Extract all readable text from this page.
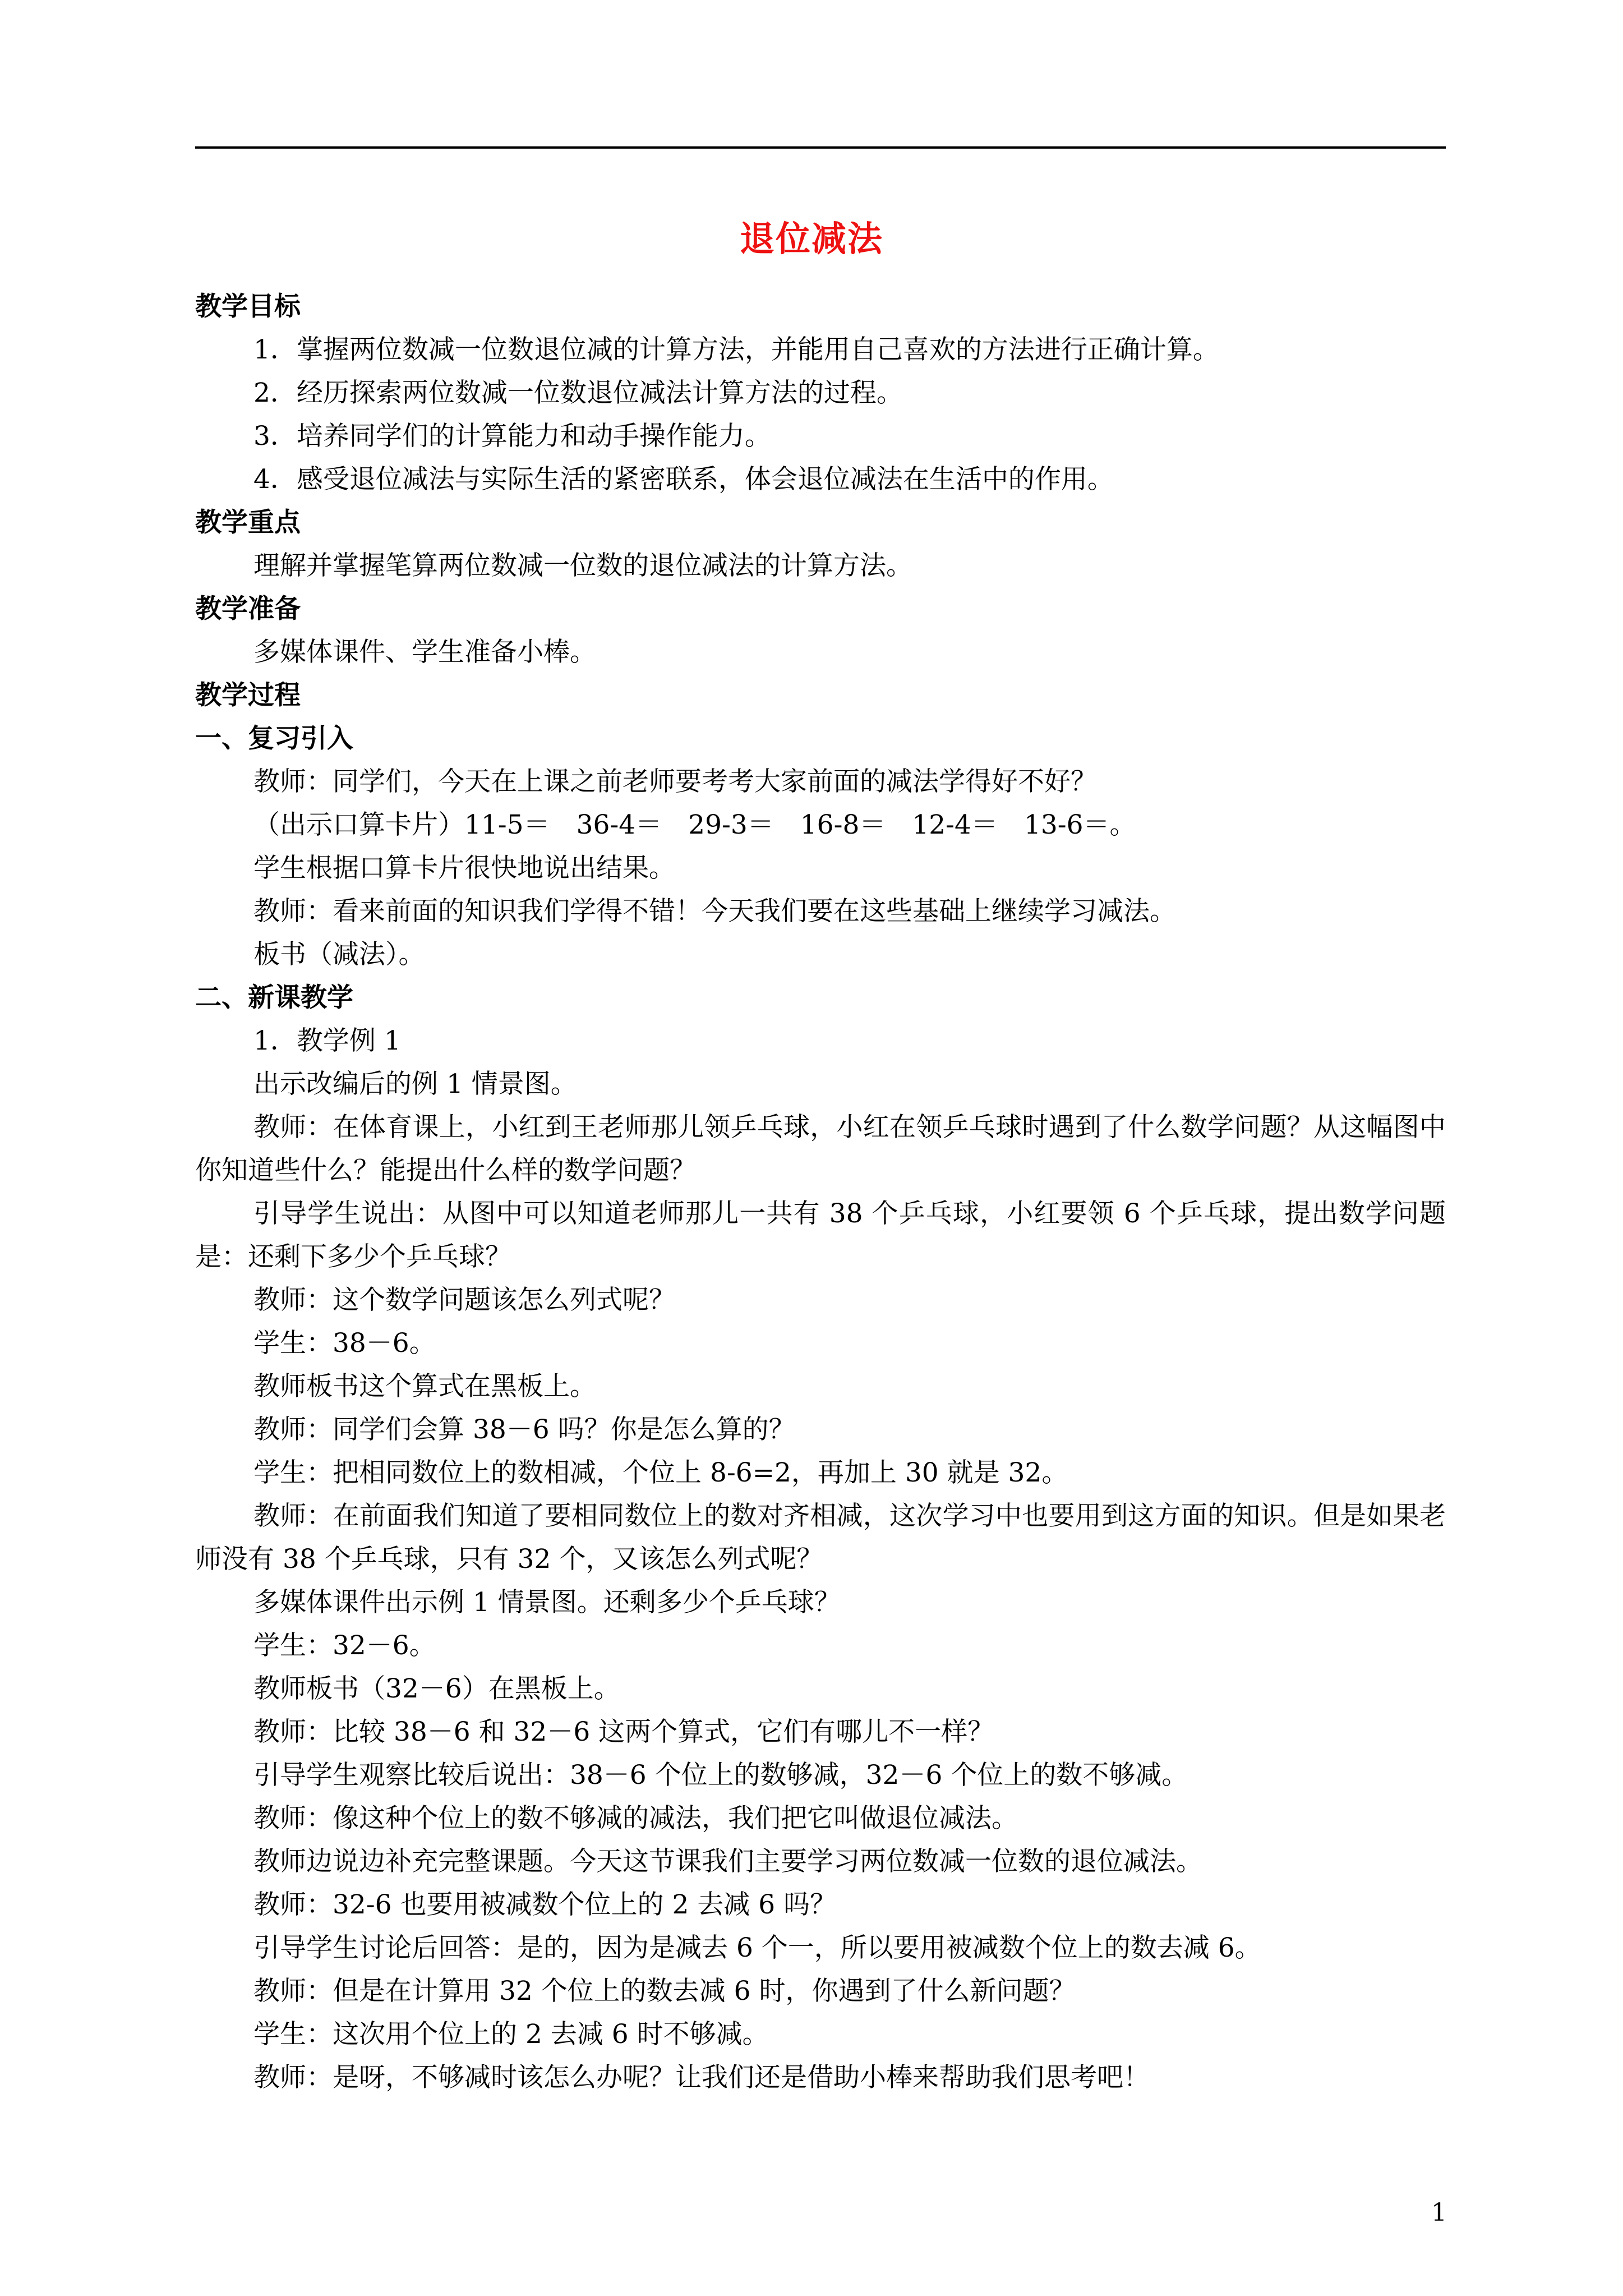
退位减法
教学目标
1．掌握两位数减一位数退位减的计算方法，并能用自己喜欢的方法进行正确计算。
2．经历探索两位数减一位数退位减法计算方法的过程。
3．培养同学们的计算能力和动手操作能力。
4．感受退位减法与实际生活的紧密联系，体会退位减法在生活中的作用。
教学重点
理解并掌握笔算两位数减一位数的退位减法的计算方法。
教学准备
多媒体课件、学生准备小棒。
教学过程
一、复习引入
教师：同学们，今天在上课之前老师要考考大家前面的减法学得好不好？
（出示口算卡片）11-5＝　36-4＝　29-3＝　16-8＝　12-4＝　13-6＝。
学生根据口算卡片很快地说出结果。
教师：看来前面的知识我们学得不错！今天我们要在这些基础上继续学习减法。
板书（减法）。
二、新课教学
1．教学例 1
出示改编后的例 1 情景图。
教师：在体育课上，小红到王老师那儿领乒乓球，小红在领乒乓球时遇到了什么数学问题？从这幅图中你知道些什么？能提出什么样的数学问题？
引导学生说出：从图中可以知道老师那儿一共有 38 个乒乓球，小红要领 6 个乒乓球，提出数学问题是：还剩下多少个乒乓球？
教师：这个数学问题该怎么列式呢？
学生：38－6。
教师板书这个算式在黑板上。
教师：同学们会算 38－6 吗？你是怎么算的？
学生：把相同数位上的数相减，个位上 8-6=2，再加上 30 就是 32。
教师：在前面我们知道了要相同数位上的数对齐相减，这次学习中也要用到这方面的知识。但是如果老师没有 38 个乒乓球，只有 32 个，又该怎么列式呢？
多媒体课件出示例 1 情景图。还剩多少个乒乓球？
学生：32－6。
教师板书（32－6）在黑板上。
教师：比较 38－6 和 32－6 这两个算式，它们有哪儿不一样？
引导学生观察比较后说出：38－6 个位上的数够减，32－6 个位上的数不够减。
教师：像这种个位上的数不够减的减法，我们把它叫做退位减法。
教师边说边补充完整课题。今天这节课我们主要学习两位数减一位数的退位减法。
教师：32-6 也要用被减数个位上的 2 去减 6 吗？
引导学生讨论后回答：是的，因为是减去 6 个一，所以要用被减数个位上的数去减 6。
教师：但是在计算用 32 个位上的数去减 6 时，你遇到了什么新问题？
学生：这次用个位上的 2 去减 6 时不够减。
教师：是呀，不够减时该怎么办呢？让我们还是借助小棒来帮助我们思考吧！
1
